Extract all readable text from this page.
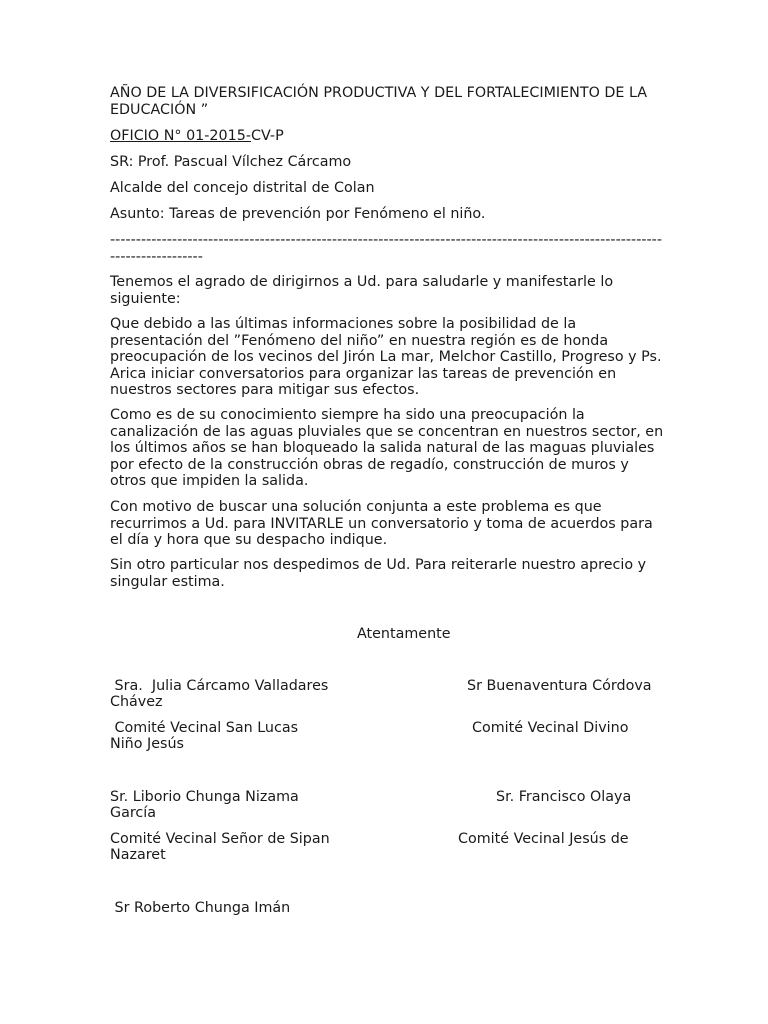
AÑO DE LA DIVERSIFICACIÓN PRODUCTIVA Y DEL FORTALECIMIENTO DE LA EDUCACIÓN ”

OFICIO N° 01-2015-CV-P

SR: Prof. Pascual Vílchez Cárcamo

Alcalde del concejo distrital de Colan

Asunto: Tareas de prevención por Fenómeno el niño.

-----------------------------------------------------------------------------------------------------------------------------

Tenemos el agrado de dirigirnos a Ud. para saludarle y manifestarle lo siguiente:

Que debido a las últimas informaciones sobre la posibilidad de la presentación del ”Fenómeno del niño” en nuestra región es de honda preocupación de los vecinos del Jirón La mar, Melchor Castillo, Progreso y Ps. Arica iniciar conversatorios para organizar las tareas de prevención en nuestros sectores para mitigar sus efectos.

Como es de su conocimiento siempre ha sido una preocupación la canalización de las aguas pluviales que se concentran en nuestros sector, en los últimos años se han bloqueado la salida natural de las maguas pluviales por efecto de la construcción obras de regadío, construcción de muros y otros que impiden la salida.

Con motivo de buscar una solución conjunta a este problema es que recurrimos a Ud. para INVITARLE un conversatorio y toma de acuerdos para el día y hora que su despacho indique.

Sin otro particular nos despedimos de Ud. Para reiterarle nuestro aprecio y singular estima.

Atentamente
Sra.  Julia Cárcamo Valladares	Sr Buenaventura Córdova
Chávez
Comité Vecinal San Lucas	Comité Vecinal Divino
Niño Jesús
Sr. Liborio Chunga Nizama	Sr. Francisco Olaya
García
Comité Vecinal Señor de Sipan	Comité Vecinal Jesús de
Nazaret
Sr Roberto Chunga Imán
